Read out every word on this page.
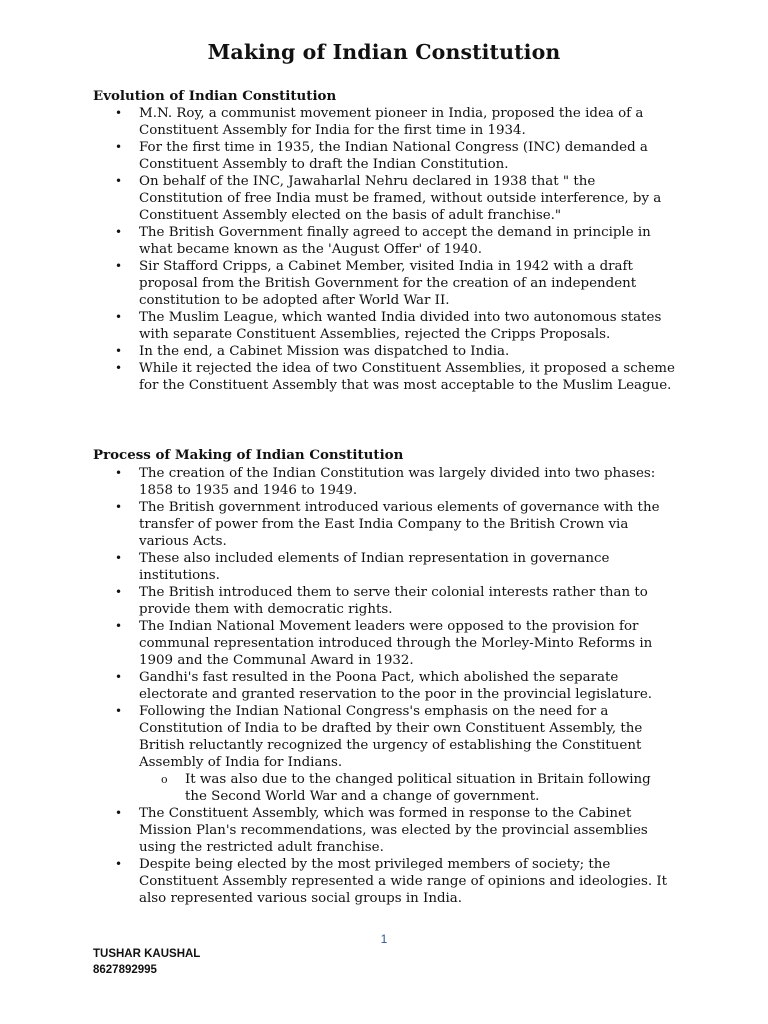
Making of Indian Constitution
Evolution of Indian Constitution
• M.N. Roy, a communist movement pioneer in India, proposed the idea of a Constituent Assembly for India for the first time in 1934.
• For the first time in 1935, the Indian National Congress (INC) demanded a Constituent Assembly to draft the Indian Constitution.
• On behalf of the INC, Jawaharlal Nehru declared in 1938 that " the Constitution of free India must be framed, without outside interference, by a Constituent Assembly elected on the basis of adult franchise."
• The British Government finally agreed to accept the demand in principle in what became known as the 'August Offer' of 1940.
• Sir Stafford Cripps, a Cabinet Member, visited India in 1942 with a draft proposal from the British Government for the creation of an independent constitution to be adopted after World War II.
• The Muslim League, which wanted India divided into two autonomous states with separate Constituent Assemblies, rejected the Cripps Proposals.
• In the end, a Cabinet Mission was dispatched to India.
• While it rejected the idea of two Constituent Assemblies, it proposed a scheme for the Constituent Assembly that was most acceptable to the Muslim League.
Process of Making of Indian Constitution
• The creation of the Indian Constitution was largely divided into two phases: 1858 to 1935 and 1946 to 1949.
• The British government introduced various elements of governance with the transfer of power from the East India Company to the British Crown via various Acts.
• These also included elements of Indian representation in governance institutions.
• The British introduced them to serve their colonial interests rather than to provide them with democratic rights.
• The Indian National Movement leaders were opposed to the provision for communal representation introduced through the Morley-Minto Reforms in 1909 and the Communal Award in 1932.
• Gandhi's fast resulted in the Poona Pact, which abolished the separate electorate and granted reservation to the poor in the provincial legislature.
• Following the Indian National Congress's emphasis on the need for a Constitution of India to be drafted by their own Constituent Assembly, the British reluctantly recognized the urgency of establishing the Constituent Assembly of India for Indians.
o It was also due to the changed political situation in Britain following the Second World War and a change of government.
• The Constituent Assembly, which was formed in response to the Cabinet Mission Plan's recommendations, was elected by the provincial assemblies using the restricted adult franchise.
• Despite being elected by the most privileged members of society; the Constituent Assembly represented a wide range of opinions and ideologies. It also represented various social groups in India.
1
TUSHAR KAUSHAL
8627892995
